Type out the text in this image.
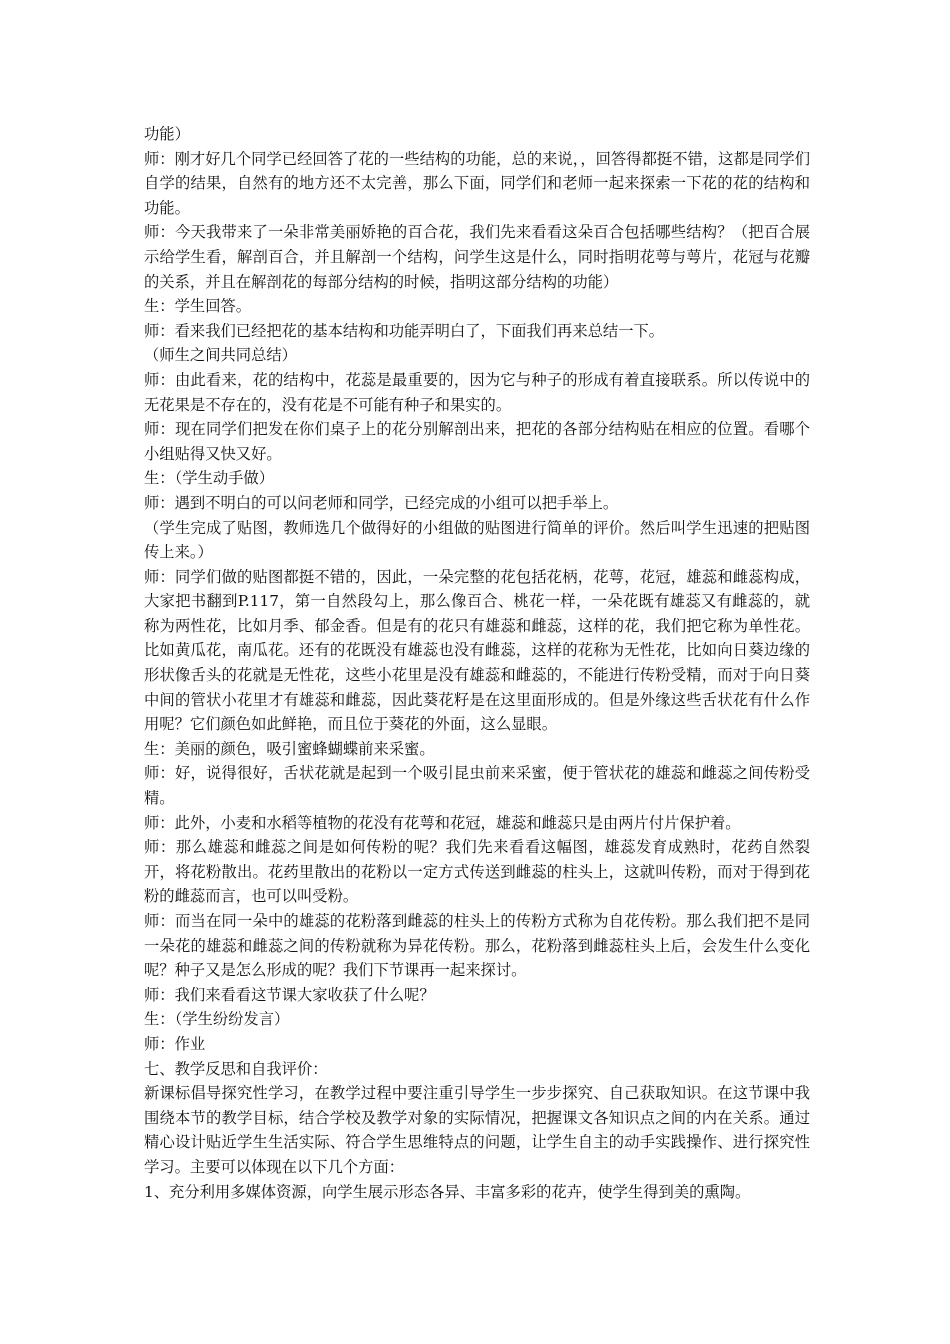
功能）

师：刚才好几个同学已经回答了花的一些结构的功能，总的来说，，回答得都挺不错，这都是同学们自学的结果，自然有的地方还不太完善，那么下面，同学们和老师一起来探索一下花的花的结构和功能。

师：今天我带来了一朵非常美丽娇艳的百合花，我们先来看看这朵百合包括哪些结构？（把百合展示给学生看，解剖百合，并且解剖一个结构，问学生这是什么，同时指明花萼与萼片，花冠与花瓣的关系，并且在解剖花的每部分结构的时候，指明这部分结构的功能）

生：学生回答。

师：看来我们已经把花的基本结构和功能弄明白了，下面我们再来总结一下。

（师生之间共同总结）

师：由此看来，花的结构中，花蕊是最重要的，因为它与种子的形成有着直接联系。所以传说中的无花果是不存在的，没有花是不可能有种子和果实的。

师：现在同学们把发在你们桌子上的花分别解剖出来，把花的各部分结构贴在相应的位置。看哪个小组贴得又快又好。

生：（学生动手做）

师：遇到不明白的可以问老师和同学，已经完成的小组可以把手举上。

（学生完成了贴图，教师选几个做得好的小组做的贴图进行简单的评价。然后叫学生迅速的把贴图传上来。）

师：同学们做的贴图都挺不错的，因此，一朵完整的花包括花柄，花萼，花冠，雄蕊和雌蕊构成，大家把书翻到P.117，第一自然段勾上，那么像百合、桃花一样，一朵花既有雄蕊又有雌蕊的，就称为两性花，比如月季、郁金香。但是有的花只有雄蕊和雌蕊，这样的花，我们把它称为单性花。比如黄瓜花，南瓜花。还有的花既没有雄蕊也没有雌蕊，这样的花称为无性花，比如向日葵边缘的形状像舌头的花就是无性花，这些小花里是没有雄蕊和雌蕊的，不能进行传粉受精，而对于向日葵中间的管状小花里才有雄蕊和雌蕊，因此葵花籽是在这里面形成的。但是外缘这些舌状花有什么作用呢？它们颜色如此鲜艳，而且位于葵花的外面，这么显眼。

生：美丽的颜色，吸引蜜蜂蝴蝶前来采蜜。

师：好，说得很好，舌状花就是起到一个吸引昆虫前来采蜜，便于管状花的雄蕊和雌蕊之间传粉受精。

师：此外，小麦和水稻等植物的花没有花萼和花冠，雄蕊和雌蕊只是由两片付片保护着。

师：那么雄蕊和雌蕊之间是如何传粉的呢？我们先来看看这幅图，雄蕊发育成熟时，花药自然裂开，将花粉散出。花药里散出的花粉以一定方式传送到雌蕊的柱头上，这就叫传粉，而对于得到花粉的雌蕊而言，也可以叫受粉。

师：而当在同一朵中的雄蕊的花粉落到雌蕊的柱头上的传粉方式称为自花传粉。那么我们把不是同一朵花的雄蕊和雌蕊之间的传粉就称为异花传粉。那么，花粉落到雌蕊柱头上后，会发生什么变化呢？种子又是怎么形成的呢？我们下节课再一起来探讨。

师：我们来看看这节课大家收获了什么呢？

生：（学生纷纷发言）

师：作业

七、教学反思和自我评价：

新课标倡导探究性学习，在教学过程中要注重引导学生一步步探究、自己获取知识。在这节课中我围绕本节的教学目标，结合学校及教学对象的实际情况，把握课文各知识点之间的内在关系。通过精心设计贴近学生生活实际、符合学生思维特点的问题，让学生自主的动手实践操作、进行探究性学习。主要可以体现在以下几个方面：

1、充分利用多媒体资源，向学生展示形态各异、丰富多彩的花卉，使学生得到美的熏陶。
